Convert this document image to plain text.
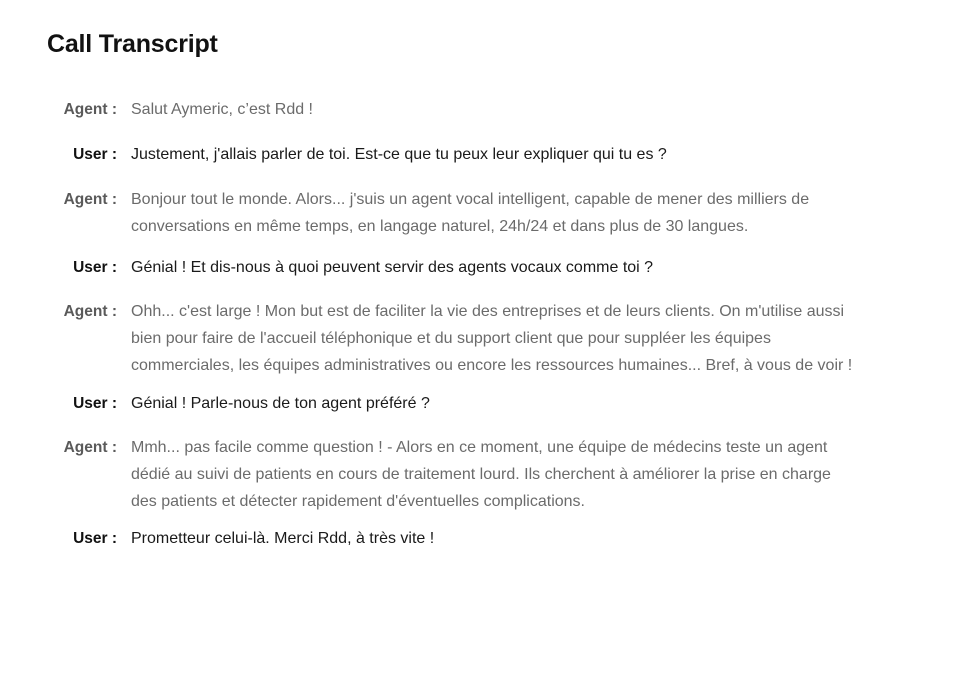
Call Transcript
Agent : Salut Aymeric, c’est Rdd !
User : Justement, j'allais parler de toi. Est-ce que tu peux leur expliquer qui tu es ?
Agent : Bonjour tout le monde. Alors... j'suis un agent vocal intelligent, capable de mener des milliers de conversations en même temps, en langage naturel, 24h/24 et dans plus de 30 langues.
User : Génial ! Et dis-nous à quoi peuvent servir des agents vocaux comme toi ?
Agent : Ohh... c'est large ! Mon but est de faciliter la vie des entreprises et de leurs clients. On m'utilise aussi bien pour faire de l'accueil téléphonique et du support client que pour suppléer les équipes commerciales, les équipes administratives ou encore les ressources humaines... Bref, à vous de voir !
User : Génial ! Parle-nous de ton agent préféré ?
Agent : Mmh... pas facile comme question ! - Alors en ce moment, une équipe de médecins teste un agent dédié au suivi de patients en cours de traitement lourd. Ils cherchent à améliorer la prise en charge des patients et détecter rapidement d'éventuelles complications.
User : Prometteur celui-là. Merci Rdd, à très vite !
